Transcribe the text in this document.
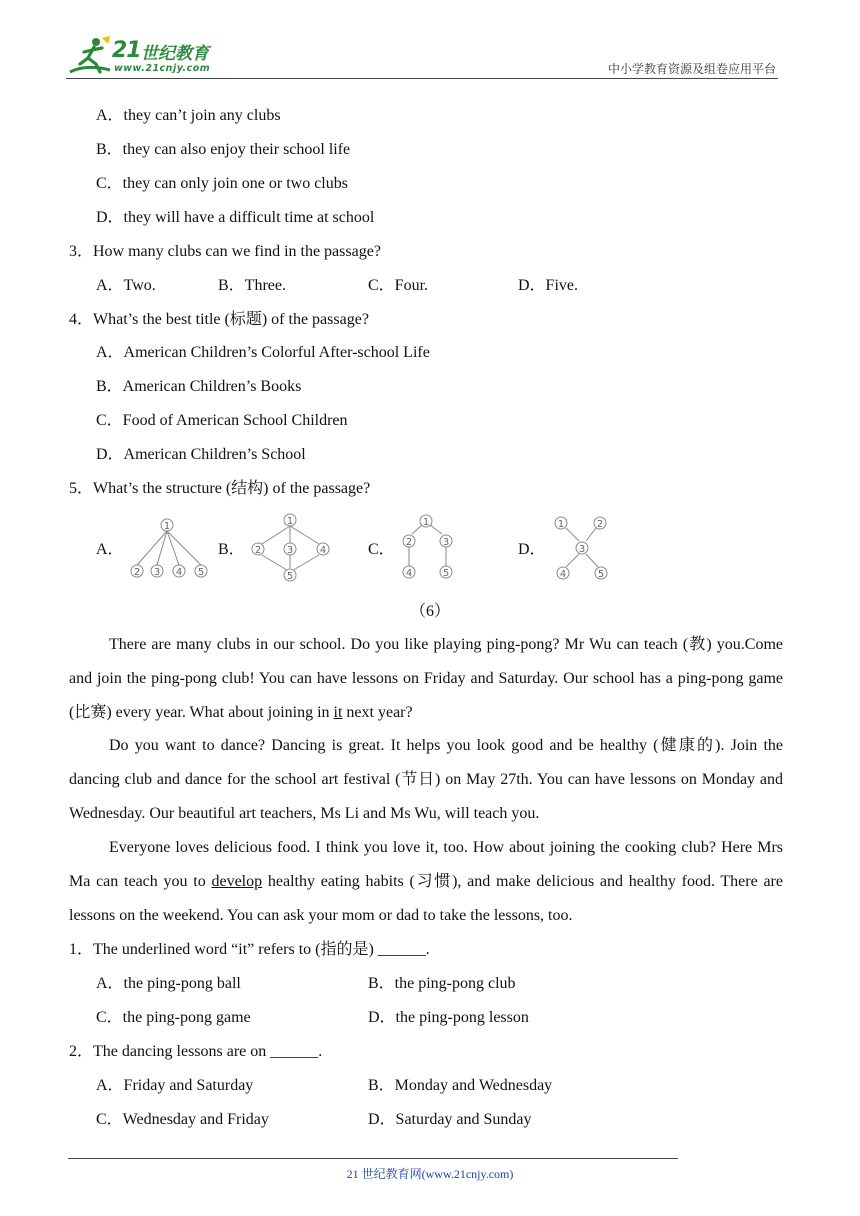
21 世纪教育
www.21cnjy.com	中小学教育资源及组卷应用平台
A．they can’t join any clubs
B．they can also enjoy their school life
C．they can only join one or two clubs
D．they will have a difficult time at school
3．How many clubs can we find in the passage?
A．Two.	B．Three.	C．Four.	D．Five.
4．What’s the best title (标题) of the passage?
A．American Children’s Colorful After-school Life
B．American Children’s Books
C．Food of American School Children
D．American Children’s School
5．What’s the structure (结构) of the passage?
A．	B．	C．	D．
1
2 3 4 5
1
2	3	4
5
1
2	3
4	5
1	2
3
4	5
（6）
There are many clubs in our school. Do you like playing ping-pong? Mr Wu can teach (教) you.Come and join the ping-pong club! You can have lessons on Friday and Saturday. Our school has a ping-pong game (比赛) every year. What about joining in it next year?
Do you want to dance? Dancing is great. It helps you look good and be healthy (健康的). Join the dancing club and dance for the school art festival (节日) on May 27th. You can have lessons on Monday and Wednesday. Our beautiful art teachers, Ms Li and Ms Wu, will teach you.
Everyone loves delicious food. I think you love it, too. How about joining the cooking club? Here Mrs Ma can teach you to develop healthy eating habits (习惯), and make delicious and healthy food. There are lessons on the weekend. You can ask your mom or dad to take the lessons, too.
1．The underlined word “it” refers to (指的是) ______.
A．the ping-pong ball	B．the ping-pong club
C．the ping-pong game	D．the ping-pong lesson
2．The dancing lessons are on ______.
A．Friday and Saturday	B．Monday and Wednesday
C．Wednesday and Friday	D．Saturday and Sunday
21 世纪教育网(www.21cnjy.com)
